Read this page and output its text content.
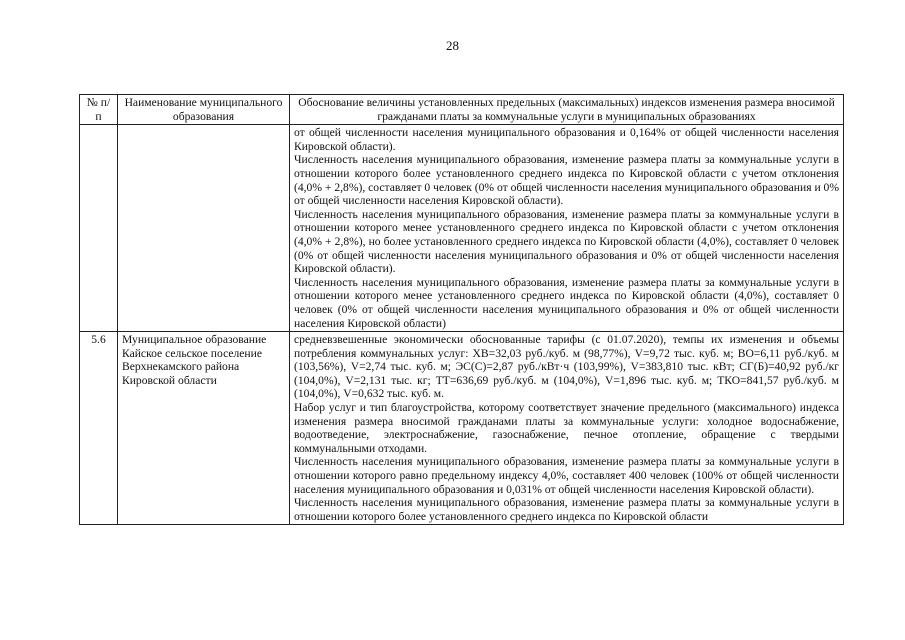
28
№ п/п	Наименование муниципального образования	Обоснование величины установленных предельных (максимальных) индексов изменения размера вносимой гражданами платы за коммунальные услуги в муниципальных образованиях

		от общей численности населения муниципального образования и 0,164% от общей численности населения Кировской области).

Численность населения муниципального образования, изменение размера платы за коммунальные услуги в отношении которого более установленного среднего индекса по Кировской области с учетом отклонения (4,0% + 2,8%), составляет 0 человек (0% от общей численности населения муниципального образования и 0% от общей численности населения Кировской области).

Численность населения муниципального образования, изменение размера платы за коммунальные услуги в отношении которого менее установленного среднего индекса по Кировской области с учетом отклонения (4,0% + 2,8%), но более установленного среднего индекса по Кировской области (4,0%), составляет 0 человек (0% от общей численности населения муниципального образования и 0% от общей численности населения Кировской области).

Численность населения муниципального образования, изменение размера платы за коммунальные услуги в отношении которого менее установленного среднего индекса по Кировской области (4,0%), составляет 0 человек (0% от общей численности населения муниципального образования и 0% от общей численности населения Кировской области)

5.6	Муниципальное образование Кайское сельское поселение Верхнекамского района Кировской области	средневзвешенные экономически обоснованные тарифы (с 01.07.2020), темпы их изменения и объемы потребления коммунальных услуг: ХВ=32,03 руб./куб. м (98,77%), V=9,72 тыс. куб. м; ВО=6,11 руб./куб. м (103,56%), V=2,74 тыс. куб. м; ЭС(С)=2,87 руб./кВт·ч (103,99%), V=383,810 тыс. кВт; СГ(Б)=40,92 руб./кг (104,0%), V=2,131 тыс. кг; ТТ=636,69 руб./куб. м (104,0%), V=1,896 тыс. куб. м; ТКО=841,57 руб./куб. м (104,0%), V=0,632 тыс. куб. м.

Набор услуг и тип благоустройства, которому соответствует значение предельного (максимального) индекса изменения размера вносимой гражданами платы за коммунальные услуги: холодное водоснабжение, водоотведение, электроснабжение, газоснабжение, печное отопление, обращение с твердыми коммунальными отходами.

Численность населения муниципального образования, изменение размера платы за коммунальные услуги в отношении которого равно предельному индексу 4,0%, составляет 400 человек (100% от общей численности населения муниципального образования и 0,031% от общей численности населения Кировской области).

Численность населения муниципального образования, изменение размера платы за коммунальные услуги в отношении которого более установленного среднего индекса по Кировской области
